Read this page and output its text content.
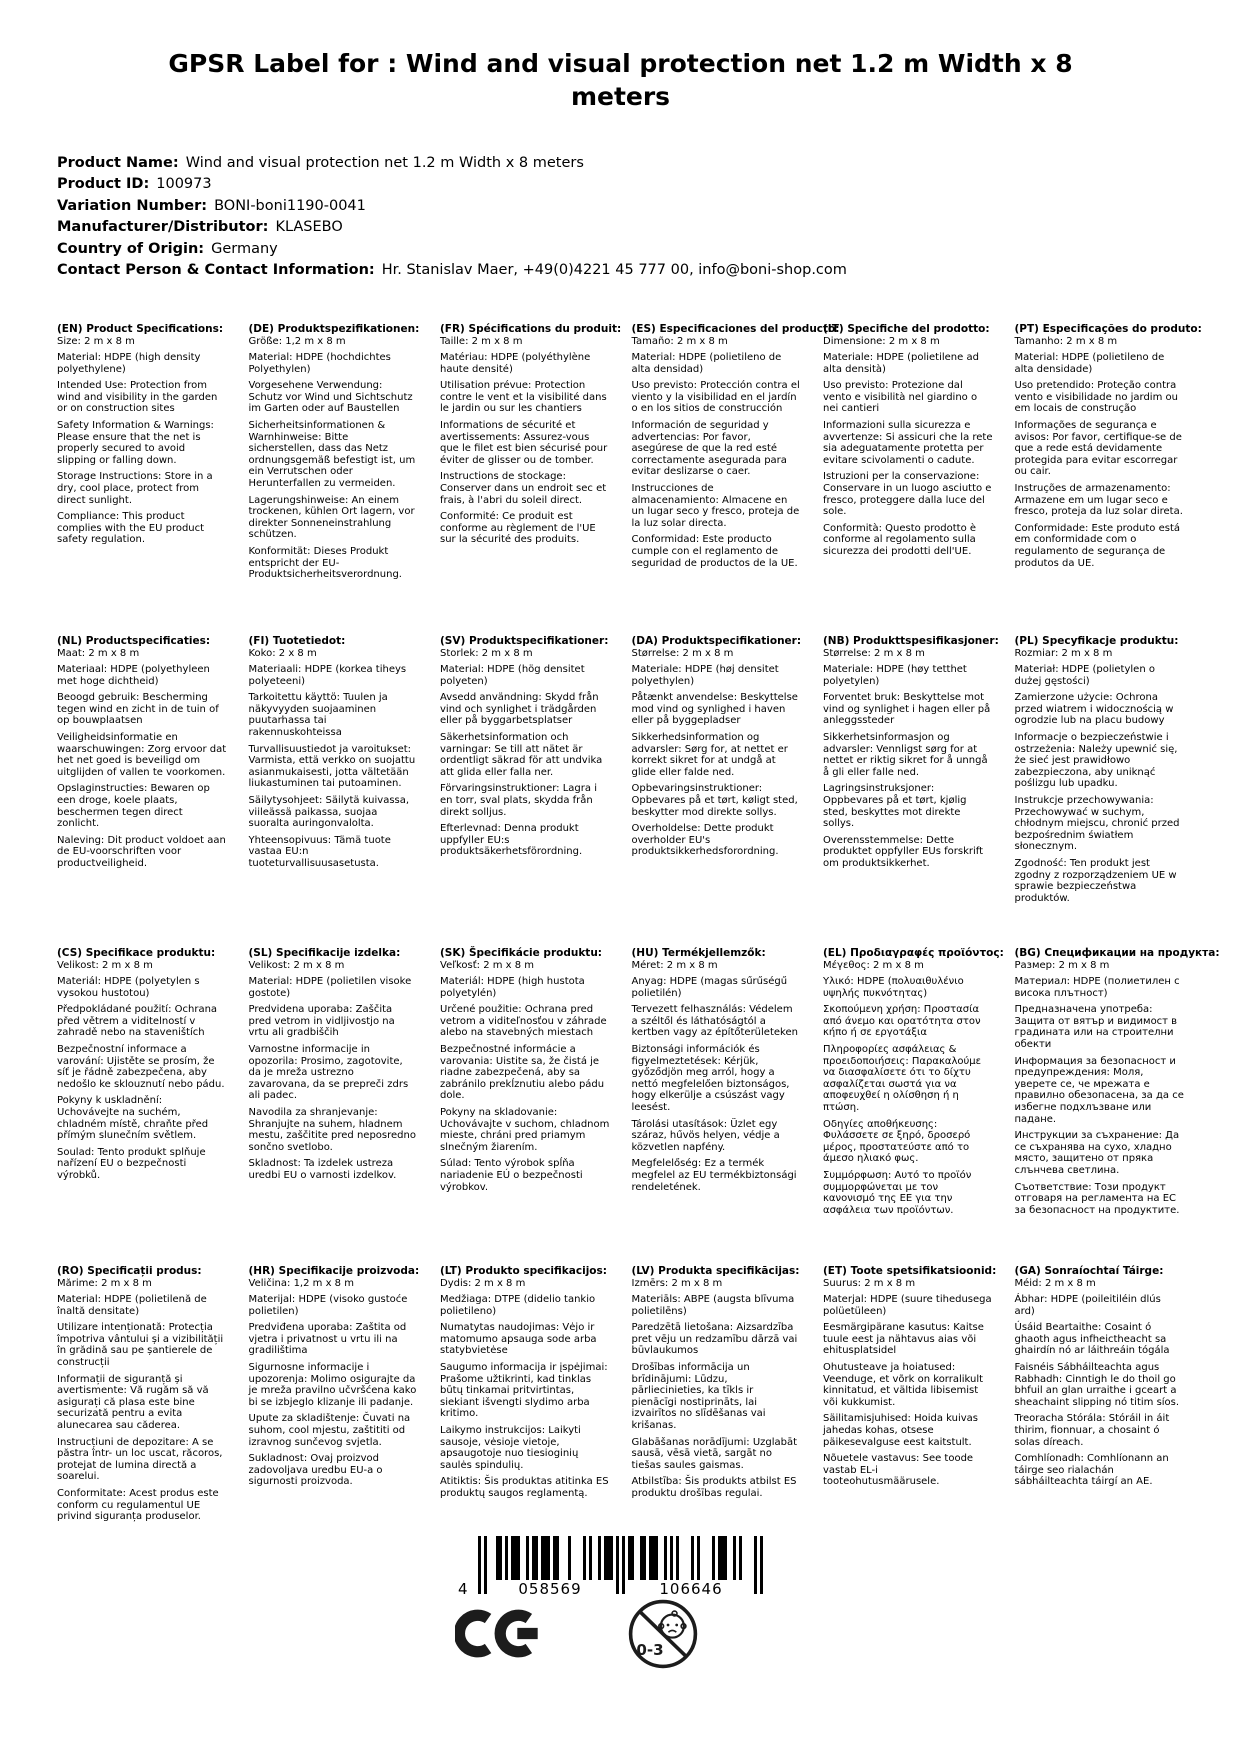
GPSR Label for : Wind and visual protection net 1.2 m Width x 8 meters
Product Name: Wind and visual protection net 1.2 m Width x 8 meters
Product ID: 100973
Variation Number: BONI-boni1190-0041
Manufacturer/Distributor: KLASEBO
Country of Origin: Germany
Contact Person & Contact Information: Hr. Stanislav Maer, +49(0)4221 45 777 00, info@boni-shop.com
(EN) Product Specifications:

Size: 2 m x 8 m

Material: HDPE (high density polyethylene)

Intended Use: Protection from wind and visibility in the garden or on construction sites

Safety Information & Warnings: Please ensure that the net is properly secured to avoid slipping or falling down.

Storage Instructions: Store in a dry, cool place, protect from direct sunlight.

Compliance: This product complies with the EU product safety regulation.

(DE) Produktspezifikationen:

Größe: 1,2 m x 8 m

Material: HDPE (hochdichtes Polyethylen)

Vorgesehene Verwendung: Schutz vor Wind und Sichtschutz im Garten oder auf Baustellen

Sicherheitsinformationen & Warnhinweise: Bitte sicherstellen, dass das Netz ordnungsgemäß befestigt ist, um ein Verrutschen oder Herunterfallen zu vermeiden.

Lagerungshinweise: An einem trockenen, kühlen Ort lagern, vor direkter Sonneneinstrahlung schützen.

Konformität: Dieses Produkt entspricht der EU-Produktsicherheitsverordnung.

(FR) Spécifications du produit:

Taille: 2 m x 8 m

Matériau: HDPE (polyéthylène haute densité)

Utilisation prévue: Protection contre le vent et la visibilité dans le jardin ou sur les chantiers

Informations de sécurité et avertissements: Assurez-vous que le filet est bien sécurisé pour éviter de glisser ou de tomber.

Instructions de stockage: Conserver dans un endroit sec et frais, à l'abri du soleil direct.

Conformité: Ce produit est conforme au règlement de l'UE sur la sécurité des produits.

(ES) Especificaciones del producto:

Tamaño: 2 m x 8 m

Material: HDPE (polietileno de alta densidad)

Uso previsto: Protección contra el viento y la visibilidad en el jardín o en los sitios de construcción

Información de seguridad y advertencias: Por favor, asegúrese de que la red esté correctamente asegurada para evitar deslizarse o caer.

Instrucciones de almacenamiento: Almacene en un lugar seco y fresco, proteja de la luz solar directa.

Conformidad: Este producto cumple con el reglamento de seguridad de productos de la UE.

(IT) Specifiche del prodotto:

Dimensione: 2 m x 8 m

Materiale: HDPE (polietilene ad alta densità)

Uso previsto: Protezione dal vento e visibilità nel giardino o nei cantieri

Informazioni sulla sicurezza e avvertenze: Si assicuri che la rete sia adeguatamente protetta per evitare scivolamenti o cadute.

Istruzioni per la conservazione: Conservare in un luogo asciutto e fresco, proteggere dalla luce del sole.

Conformità: Questo prodotto è conforme al regolamento sulla sicurezza dei prodotti dell'UE.

(PT) Especificações do produto:

Tamanho: 2 m x 8 m

Material: HDPE (polietileno de alta densidade)

Uso pretendido: Proteção contra vento e visibilidade no jardim ou em locais de construção

Informações de segurança e avisos: Por favor, certifique-se de que a rede está devidamente protegida para evitar escorregar ou cair.

Instruções de armazenamento: Armazene em um lugar seco e fresco, proteja da luz solar direta.

Conformidade: Este produto está em conformidade com o regulamento de segurança de produtos da UE.

(NL) Productspecificaties:

Maat: 2 m x 8 m

Materiaal: HDPE (polyethyleen met hoge dichtheid)

Beoogd gebruik: Bescherming tegen wind en zicht in de tuin of op bouwplaatsen

Veiligheidsinformatie en waarschuwingen: Zorg ervoor dat het net goed is beveiligd om uitglijden of vallen te voorkomen.

Opslaginstructies: Bewaren op een droge, koele plaats, beschermen tegen direct zonlicht.

Naleving: Dit product voldoet aan de EU-voorschriften voor productveiligheid.

(FI) Tuotetiedot:

Koko: 2 x 8 m

Materiaali: HDPE (korkea tiheys polyeteeni)

Tarkoitettu käyttö: Tuulen ja näkyvyyden suojaaminen puutarhassa tai rakennuskohteissa

Turvallisuustiedot ja varoitukset: Varmista, että verkko on suojattu asianmukaisesti, jotta vältetään liukastuminen tai putoaminen.

Säilytysohjeet: Säilytä kuivassa, viileässä paikassa, suojaa suoralta auringonvalolta.

Yhteensopivuus: Tämä tuote vastaa EU:n tuoteturvallisuusasetusta.

(SV) Produktspecifikationer:

Storlek: 2 m x 8 m

Material: HDPE (hög densitet polyeten)

Avsedd användning: Skydd från vind och synlighet i trädgården eller på byggarbetsplatser

Säkerhetsinformation och varningar: Se till att nätet är ordentligt säkrad för att undvika att glida eller falla ner.

Förvaringsinstruktioner: Lagra i en torr, sval plats, skydda från direkt solljus.

Efterlevnad: Denna produkt uppfyller EU:s produktsäkerhetsförordning.

(DA) Produktspecifikationer:

Størrelse: 2 m x 8 m

Materiale: HDPE (høj densitet polyethylen)

Påtænkt anvendelse: Beskyttelse mod vind og synlighed i haven eller på byggepladser

Sikkerhedsinformation og advarsler: Sørg for, at nettet er korrekt sikret for at undgå at glide eller falde ned.

Opbevaringsinstruktioner: Opbevares på et tørt, køligt sted, beskytter mod direkte sollys.

Overholdelse: Dette produkt overholder EU's produktsikkerhedsforordning.

(NB) Produkttspesifikasjoner:

Størrelse: 2 m x 8 m

Materiale: HDPE (høy tetthet polyetylen)

Forventet bruk: Beskyttelse mot vind og synlighet i hagen eller på anleggssteder

Sikkerhetsinformasjon og advarsler: Vennligst sørg for at nettet er riktig sikret for å unngå å gli eller falle ned.

Lagringsinstruksjoner: Oppbevares på et tørt, kjølig sted, beskyttes mot direkte sollys.

Overensstemmelse: Dette produktet oppfyller EUs forskrift om produktsikkerhet.

(PL) Specyfikacje produktu:

Rozmiar: 2 m x 8 m

Materiał: HDPE (polietylen o dużej gęstości)

Zamierzone użycie: Ochrona przed wiatrem i widocznością w ogrodzie lub na placu budowy

Informacje o bezpieczeństwie i ostrzeżenia: Należy upewnić się, że sieć jest prawidłowo zabezpieczona, aby uniknąć poślizgu lub upadku.

Instrukcje przechowywania: Przechowywać w suchym, chłodnym miejscu, chronić przed bezpośrednim światłem słonecznym.

Zgodność: Ten produkt jest zgodny z rozporządzeniem UE w sprawie bezpieczeństwa produktów.

(CS) Specifikace produktu:

Velikost: 2 m x 8 m

Materiál: HDPE (polyetylen s vysokou hustotou)

Předpokládané použití: Ochrana před větrem a viditelností v zahradě nebo na staveništích

Bezpečnostní informace a varování: Ujistěte se prosím, že síť je řádně zabezpečena, aby nedošlo ke sklouznutí nebo pádu.

Pokyny k uskladnění: Uchovávejte na suchém, chladném místě, chraňte před přímým slunečním světlem.

Soulad: Tento produkt splňuje nařízení EU o bezpečnosti výrobků.

(SL) Specifikacije izdelka:

Velikost: 2 m x 8 m

Material: HDPE (polietilen visoke gostote)

Predvidena uporaba: Zaščita pred vetrom in vidljivostjo na vrtu ali gradbiščih

Varnostne informacije in opozorila: Prosimo, zagotovite, da je mreža ustrezno zavarovana, da se prepreči zdrs ali padec.

Navodila za shranjevanje: Shranjujte na suhem, hladnem mestu, zaščitite pred neposredno sončno svetlobo.

Skladnost: Ta izdelek ustreza uredbi EU o varnosti izdelkov.

(SK) Špecifikácie produktu:

Veľkosť: 2 m x 8 m

Materiál: HDPE (high hustota polyetylén)

Určené použitie: Ochrana pred vetrom a viditeľnosťou v záhrade alebo na stavebných miestach

Bezpečnostné informácie a varovania: Uistite sa, že čistá je riadne zabezpečená, aby sa zabránilo prekĺznutiu alebo pádu dole.

Pokyny na skladovanie: Uchovávajte v suchom, chladnom mieste, chráni pred priamym slnečným žiarením.

Súlad: Tento výrobok spĺňa nariadenie EÚ o bezpečnosti výrobkov.

(HU) Termékjellemzők:

Méret: 2 m x 8 m

Anyag: HDPE (magas sűrűségű polietilén)

Tervezett felhasználás: Védelem a széltől és láthatóságtól a kertben vagy az építőterületeken

Biztonsági információk és figyelmeztetések: Kérjük, győződjön meg arról, hogy a nettó megfelelően biztonságos, hogy elkerülje a csúszást vagy leesést.

Tárolási utasítások: Üzlet egy száraz, hűvös helyen, védje a közvetlen napfény.

Megfelelőség: Ez a termék megfelel az EU termékbiztonsági rendeletének.

(EL) Προδιαγραφές προϊόντος:

Μέγεθος: 2 m x 8 m

Υλικό: HDPE (πολυαιθυλένιο υψηλής πυκνότητας)

Σκοπούμενη χρήση: Προστασία από άνεμο και ορατότητα στον κήπο ή σε εργοτάξια

Πληροφορίες ασφάλειας & προειδοποιήσεις: Παρακαλούμε να διασφαλίσετε ότι το δίχτυ ασφαλίζεται σωστά για να αποφευχθεί η ολίσθηση ή η πτώση.

Οδηγίες αποθήκευσης: Φυλάσσετε σε ξηρό, δροσερό μέρος, προστατεύστε από το άμεσο ηλιακό φως.

Συμμόρφωση: Αυτό το προϊόν συμμορφώνεται με τον κανονισμό της ΕΕ για την ασφάλεια των προϊόντων.

(BG) Спецификации на продукта:

Размер: 2 m x 8 m

Материал: HDPE (полиетилен с висока плътност)

Предназначена употреба: Защита от вятър и видимост в градината или на строителни обекти

Информация за безопасност и предупреждения: Моля, уверете се, че мрежата е правилно обезопасена, за да се избегне подхлъзване или падане.

Инструкции за съхранение: Да се съхранява на сухо, хладно място, защитено от пряка слънчева светлина.

Съответствие: Този продукт отговаря на регламента на ЕС за безопасност на продуктите.

(RO) Specificații produs:

Mărime: 2 m x 8 m

Material: HDPE (polietilenă de înaltă densitate)

Utilizare intenționată: Protecția împotriva vântului și a vizibilității în grădină sau pe șantierele de construcții

Informații de siguranță și avertismente: Vă rugăm să vă asigurați că plasa este bine securizată pentru a evita alunecarea sau căderea.

Instrucțiuni de depozitare: A se păstra într- un loc uscat, răcoros, protejat de lumina directă a soarelui.

Conformitate: Acest produs este conform cu regulamentul UE privind siguranța produselor.

(HR) Specifikacije proizvoda:

Veličina: 1,2 m x 8 m

Materijal: HDPE (visoko gustoće polietilen)

Predviđena uporaba: Zaštita od vjetra i privatnost u vrtu ili na gradilištima

Sigurnosne informacije i upozorenja: Molimo osigurajte da je mreža pravilno učvršćena kako bi se izbjeglo klizanje ili padanje.

Upute za skladištenje: Čuvati na suhom, cool mjestu, zaštititi od izravnog sunčevog svjetla.

Sukladnost: Ovaj proizvod zadovoljava uredbu EU-a o sigurnosti proizvoda.

(LT) Produkto specifikacijos:

Dydis: 2 m x 8 m

Medžiaga: DTPE (didelio tankio polietileno)

Numatytas naudojimas: Vėjo ir matomumo apsauga sode arba statybvietėse

Saugumo informacija ir įspėjimai: Prašome užtikrinti, kad tinklas būtų tinkamai pritvirtintas, siekiant išvengti slydimo arba kritimo.

Laikymo instrukcijos: Laikyti sausoje, vėsioje vietoje, apsaugotoje nuo tiesioginių saulės spindulių.

Atitiktis: Šis produktas atitinka ES produktų saugos reglamentą.

(LV) Produkta specifikācijas:

Izmērs: 2 m x 8 m

Materiāls: ABPE (augsta blīvuma polietilēns)

Paredzētā lietošana: Aizsardzība pret vēju un redzamību dārzā vai būvlaukumos

Drošības informācija un brīdinājumi: Lūdzu, pārliecinieties, ka tīkls ir pienācīgi nostiprināts, lai izvairītos no slīdēšanas vai krišanas.

Glabāšanas norādījumi: Uzglabāt sausā, vēsā vietā, sargāt no tiešas saules gaismas.

Atbilstība: Šis produkts atbilst ES produktu drošības regulai.

(ET) Toote spetsifikatsioonid:

Suurus: 2 m x 8 m

Materjal: HDPE (suure tihedusega polüetüleen)

Eesmärgipärane kasutus: Kaitse tuule eest ja nähtavus aias või ehitusplatsidel

Ohutusteave ja hoiatused: Veenduge, et võrk on korralikult kinnitatud, et vältida libisemist või kukkumist.

Säilitamisjuhised: Hoida kuivas jahedas kohas, otsese päikesevalguse eest kaitstult.

Nõuetele vastavus: See toode vastab EL-i tooteohutusmäärusele.

(GA) Sonraíochtaí Táirge:

Méid: 2 m x 8 m

Ábhar: HDPE (poileitiléin dlús ard)

Úsáid Beartaithe: Cosaint ó ghaoth agus infheictheacht sa ghairdín nó ar láithreáin tógála

Faisnéis Sábháilteachta agus Rabhadh: Cinntigh le do thoil go bhfuil an glan urraithe i gceart a sheachaint slipping nó titim síos.

Treoracha Stórála: Stóráil in áit thirim, fionnuar, a chosaint ó solas díreach.

Comhlíonadh: Comhlíonann an táirge seo rialachán sábháilteachta táirgí an AE.

4	058569	106646
0-3
